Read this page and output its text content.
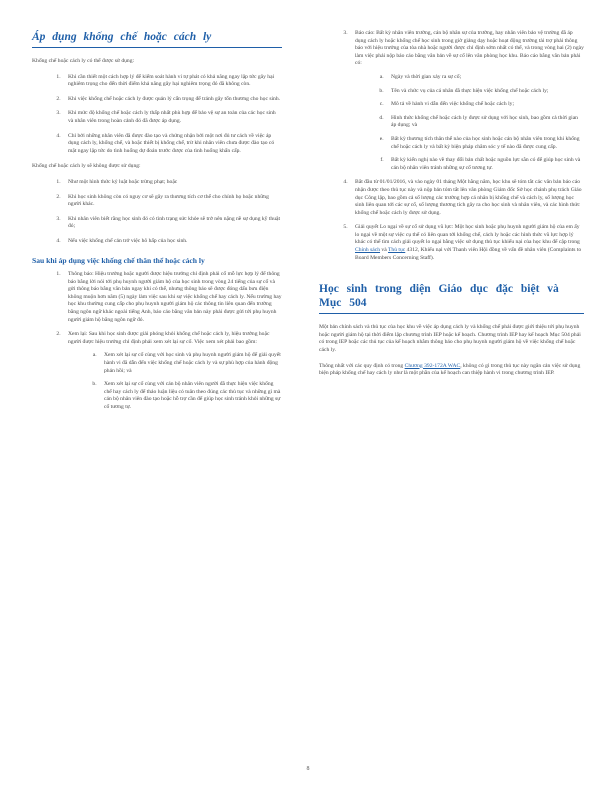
Áp dụng khống chế hoặc cách ly

Khống chế hoặc cách ly có thể được sử dụng:

1. Khi cần thiết một cách hợp lý để kiểm soát hành vi tự phát có khả năng ngay lập tức gây hại nghiêm trọng cho đến thời điểm khả năng gây hại nghiêm trọng đó đã không còn.
2. Khi việc khống chế hoặc cách ly được quản lý cẩn trọng để tránh gây tổn thương cho học sinh.
3. Khi mức độ khống chế hoặc cách ly thấp nhất phù hợp để bảo vệ sự an toàn của các học sinh và nhân viên trong hoàn cảnh đó đã được áp dụng.
4. Chỉ bởi những nhân viên đã được đào tạo và chứng nhận bởi một nơi đủ tư cách về việc áp dụng cách ly, khống chế, và hoặc thiết bị khống chế, trừ khi nhân viên chưa được đào tạo có mặt ngay lập tức do tình huống dự đoán trước được của tình huống khẩn cấp.

Khống chế hoặc cách ly sẽ không được sử dụng:

1. Như một hình thức kỷ luật hoặc trừng phạt; hoặc
2. Khi học sinh không còn có nguy cơ sẽ gây ra thương tích cơ thể cho chính họ hoặc những người khác.
3. Khi nhân viên biết rằng học sinh đó có tình trạng sức khỏe sẽ trở nên nặng nề sự dụng kỹ thuật đó;
4. Nếu việc khống chế cản trở việc hô hấp của học sinh.
Sau khi áp dụng việc khống chế thân thể hoặc cách ly
1. Thông báo: Hiệu trưởng hoặc người được hiệu trưởng chỉ định phải cố mỗ lực hợp lý để thông báo bằng lời nói tới phụ huynh người giám hộ của học sinh trong vòng 24 tiếng của sự cố và gửi thông báo bằng văn bản ngay khi có thể, nhưng thông báo sẽ được đóng dấu bưu điện không muộn hơn năm (5) ngày làm việc sau khi sự việc khống chế hay cách ly. Nếu trường hay học khu thường cung cấp cho phụ huynh người giám hộ các thông tin liên quan đến trường bằng ngôn ngữ khác ngoài tiếng Anh, báo cáo bằng văn bản này phải được gửi tới phụ huynh người giám hộ bằng ngôn ngữ đó.
2. Xem lại: Sau khi học sinh được giải phóng khỏi khống chế hoặc cách ly, hiệu trưởng hoặc người được hiệu trưởng chỉ định phải xem xét lại sự cố. Việc xem xét phải bao gồm:
a. Xem xét lại sự cố cùng với học sinh và phụ huynh người giám hộ để giải quyết hành vi đã dẫn đến việc khống chế hoặc cách ly và sự phù hợp của hành động phản hồi; và
b. Xem xét lại sự cố cùng với cán bộ nhân viên người đã thực hiện việc khống chế hay cách ly để thảo luận liệu có tuân theo đúng các thủ tục và những gì mà cán bộ nhân viên đào tạo hoặc hỗ trợ cần để giúp học sinh tránh khỏi những sự cố tương tự.
3. Báo cáo: Bất kỳ nhân viên trường, cán bộ nhân sự của trường, hay nhân viên bảo vệ trường đã áp dụng cách ly hoặc khống chế học sinh trong giờ giảng dạy hoặc hoạt động trường tài trợ phải thông báo với hiệu trưởng của tòa nhà hoặc người được chỉ định sớm nhất có thể, và trong vòng hai (2) ngày làm việc phải nộp báo cáo bằng văn bản về sự cố lên văn phòng học khu. Báo cáo bằng văn bản phải có:
a. Ngày và thời gian xảy ra sự cố;
b. Tên và chức vụ của cá nhân đã thực hiện việc khống chế hoặc cách ly;
c. Mô tả về hành vi dẫn đến việc khống chế hoặc cách ly;
d. Hình thức khống chế hoặc cách ly được sử dụng với học sinh, bao gồm cả thời gian áp dụng; và
e. Bất kỳ thương tích thân thể nào của học sinh hoặc cán bộ nhân viên trong khi khống chế hoặc cách ly và bất kỳ biện pháp chăm sóc y tế nào đã được cung cấp.
f. Bất kỳ kiến nghị nào về thay đổi bản chất hoặc nguồn lực sẵn có để giúp học sinh và cán bộ nhân viên tránh những sự cố tương tự.
4. Bắt đầu từ 01/01/2016, và vào ngày 01 tháng Một hằng năm, học khu sẽ tóm tắt các văn bản báo cáo nhận được theo thủ tục này và nộp bản tóm tắt lên văn phòng Giám đốc Sở học chánh phụ trách Giáo dục Công lập, bao gồm cả số lượng các trường hợp cá nhân bị khống chế và cách ly, số lượng học sinh liên quan tới các sự cố, số lượng thương tích gây ra cho học sinh và nhân viên, và các hình thức khống chế hoặc cách ly được sử dụng.
5. Giải quyết Lo ngại về sự cố sử dụng vũ lực: Một học sinh hoặc phụ huynh người giám hộ của em ấy lo ngại về một sự việc cụ thể có liên quan tới khống chế, cách ly hoặc các hình thức vũ lực hợp lý khác có thể tìm cách giải quyết lo ngại bằng việc sử dụng thủ tục khiếu nại của học khu để cập trong Chính sách và Thủ tục 4312, Khiếu nại với Thanh viên Hội đồng về vấn đề nhân viên (Complaints to Board Members Concerning Staff).
Học sinh trong diện Giáo dục đặc biệt và Mục 504

Một bản chính sách và thủ tục của học khu về việc áp dụng cách ly và khống chế phải được giới thiệu tới phụ huynh hoặc người giám hộ tại thời điểm lập chương trình IEP hoặc kế hoạch. Chương trình IEP hay kế hoạch Mục 504 phải có trong IEP hoặc các thủ tục của kế hoạch nhằm thông báo cho phụ huynh người giám hộ về việc khống chế hoặc cách ly.

Thông nhất với các quy định có trong Chương 392-172A WAC, không có gì trong thủ tục này ngăn cản việc sử dụng biện pháp khống chế hay cách ly như là một phần của kế hoạch can thiệp hành vi trong chương trình IEP.

8
